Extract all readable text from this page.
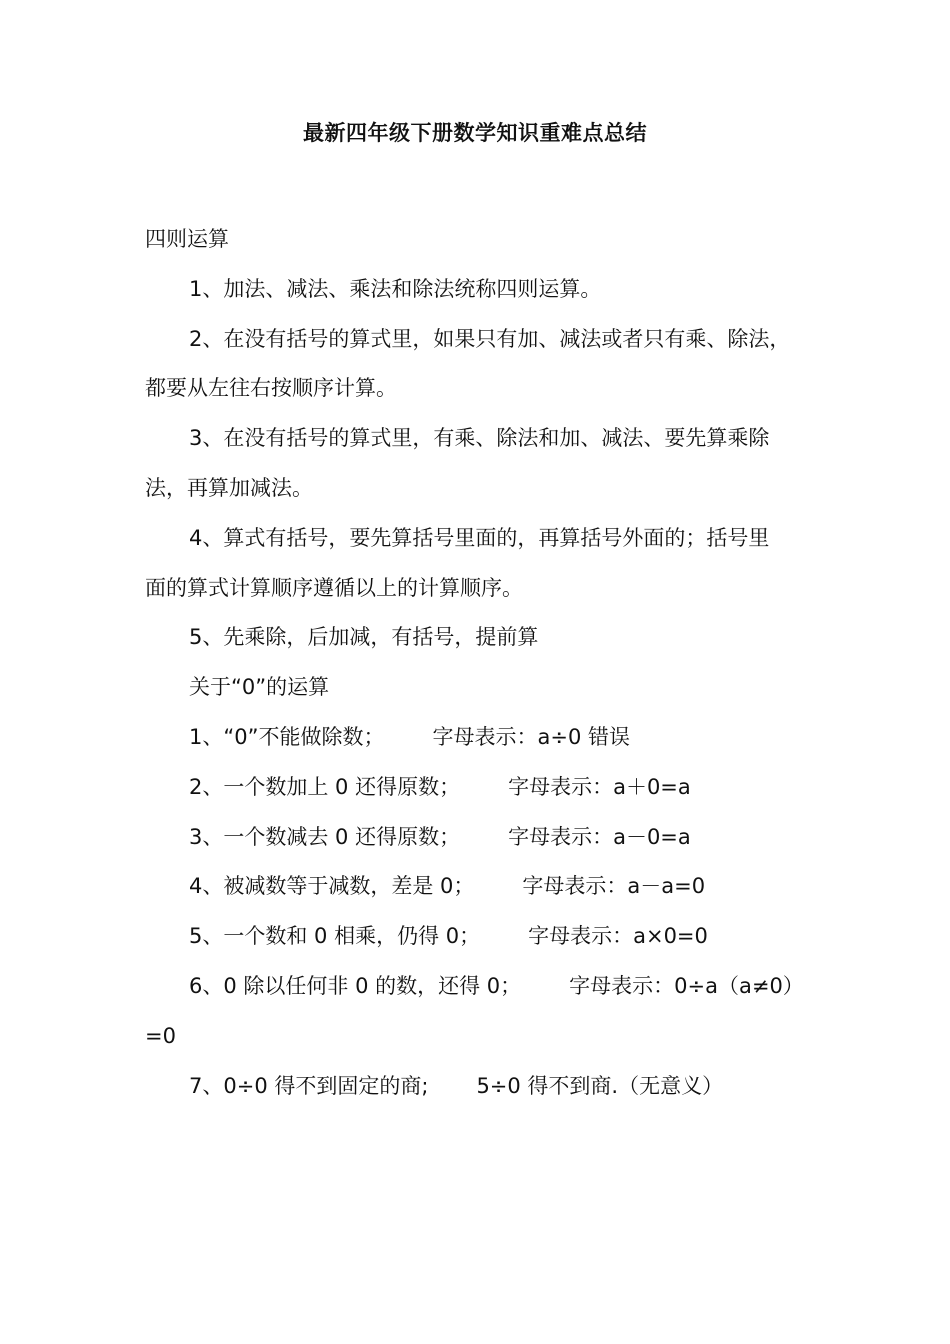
最新四年级下册数学知识重难点总结
四则运算
1、加法、减法、乘法和除法统称四则运算。
2、在没有括号的算式里，如果只有加、减法或者只有乘、除法，
都要从左往右按顺序计算。
3、在没有括号的算式里，有乘、除法和加、减法、要先算乘除
法，再算加减法。
4、算式有括号，要先算括号里面的，再算括号外面的；括号里
面的算式计算顺序遵循以上的计算顺序。
5、先乘除，后加减，有括号，提前算
关于“0”的运算
1、“0”不能做除数； 字母表示：a÷0 错误
2、一个数加上 0 还得原数； 字母表示：a＋0=a
3、一个数减去 0 还得原数； 字母表示：a－0=a
4、被减数等于减数，差是 0； 字母表示：a－a=0
5、一个数和 0 相乘，仍得 0； 字母表示：a×0=0
6、0 除以任何非 0 的数，还得 0； 字母表示：0÷a（a≠0）
=0
7、0÷0 得不到固定的商; 5÷0 得不到商.（无意义）
